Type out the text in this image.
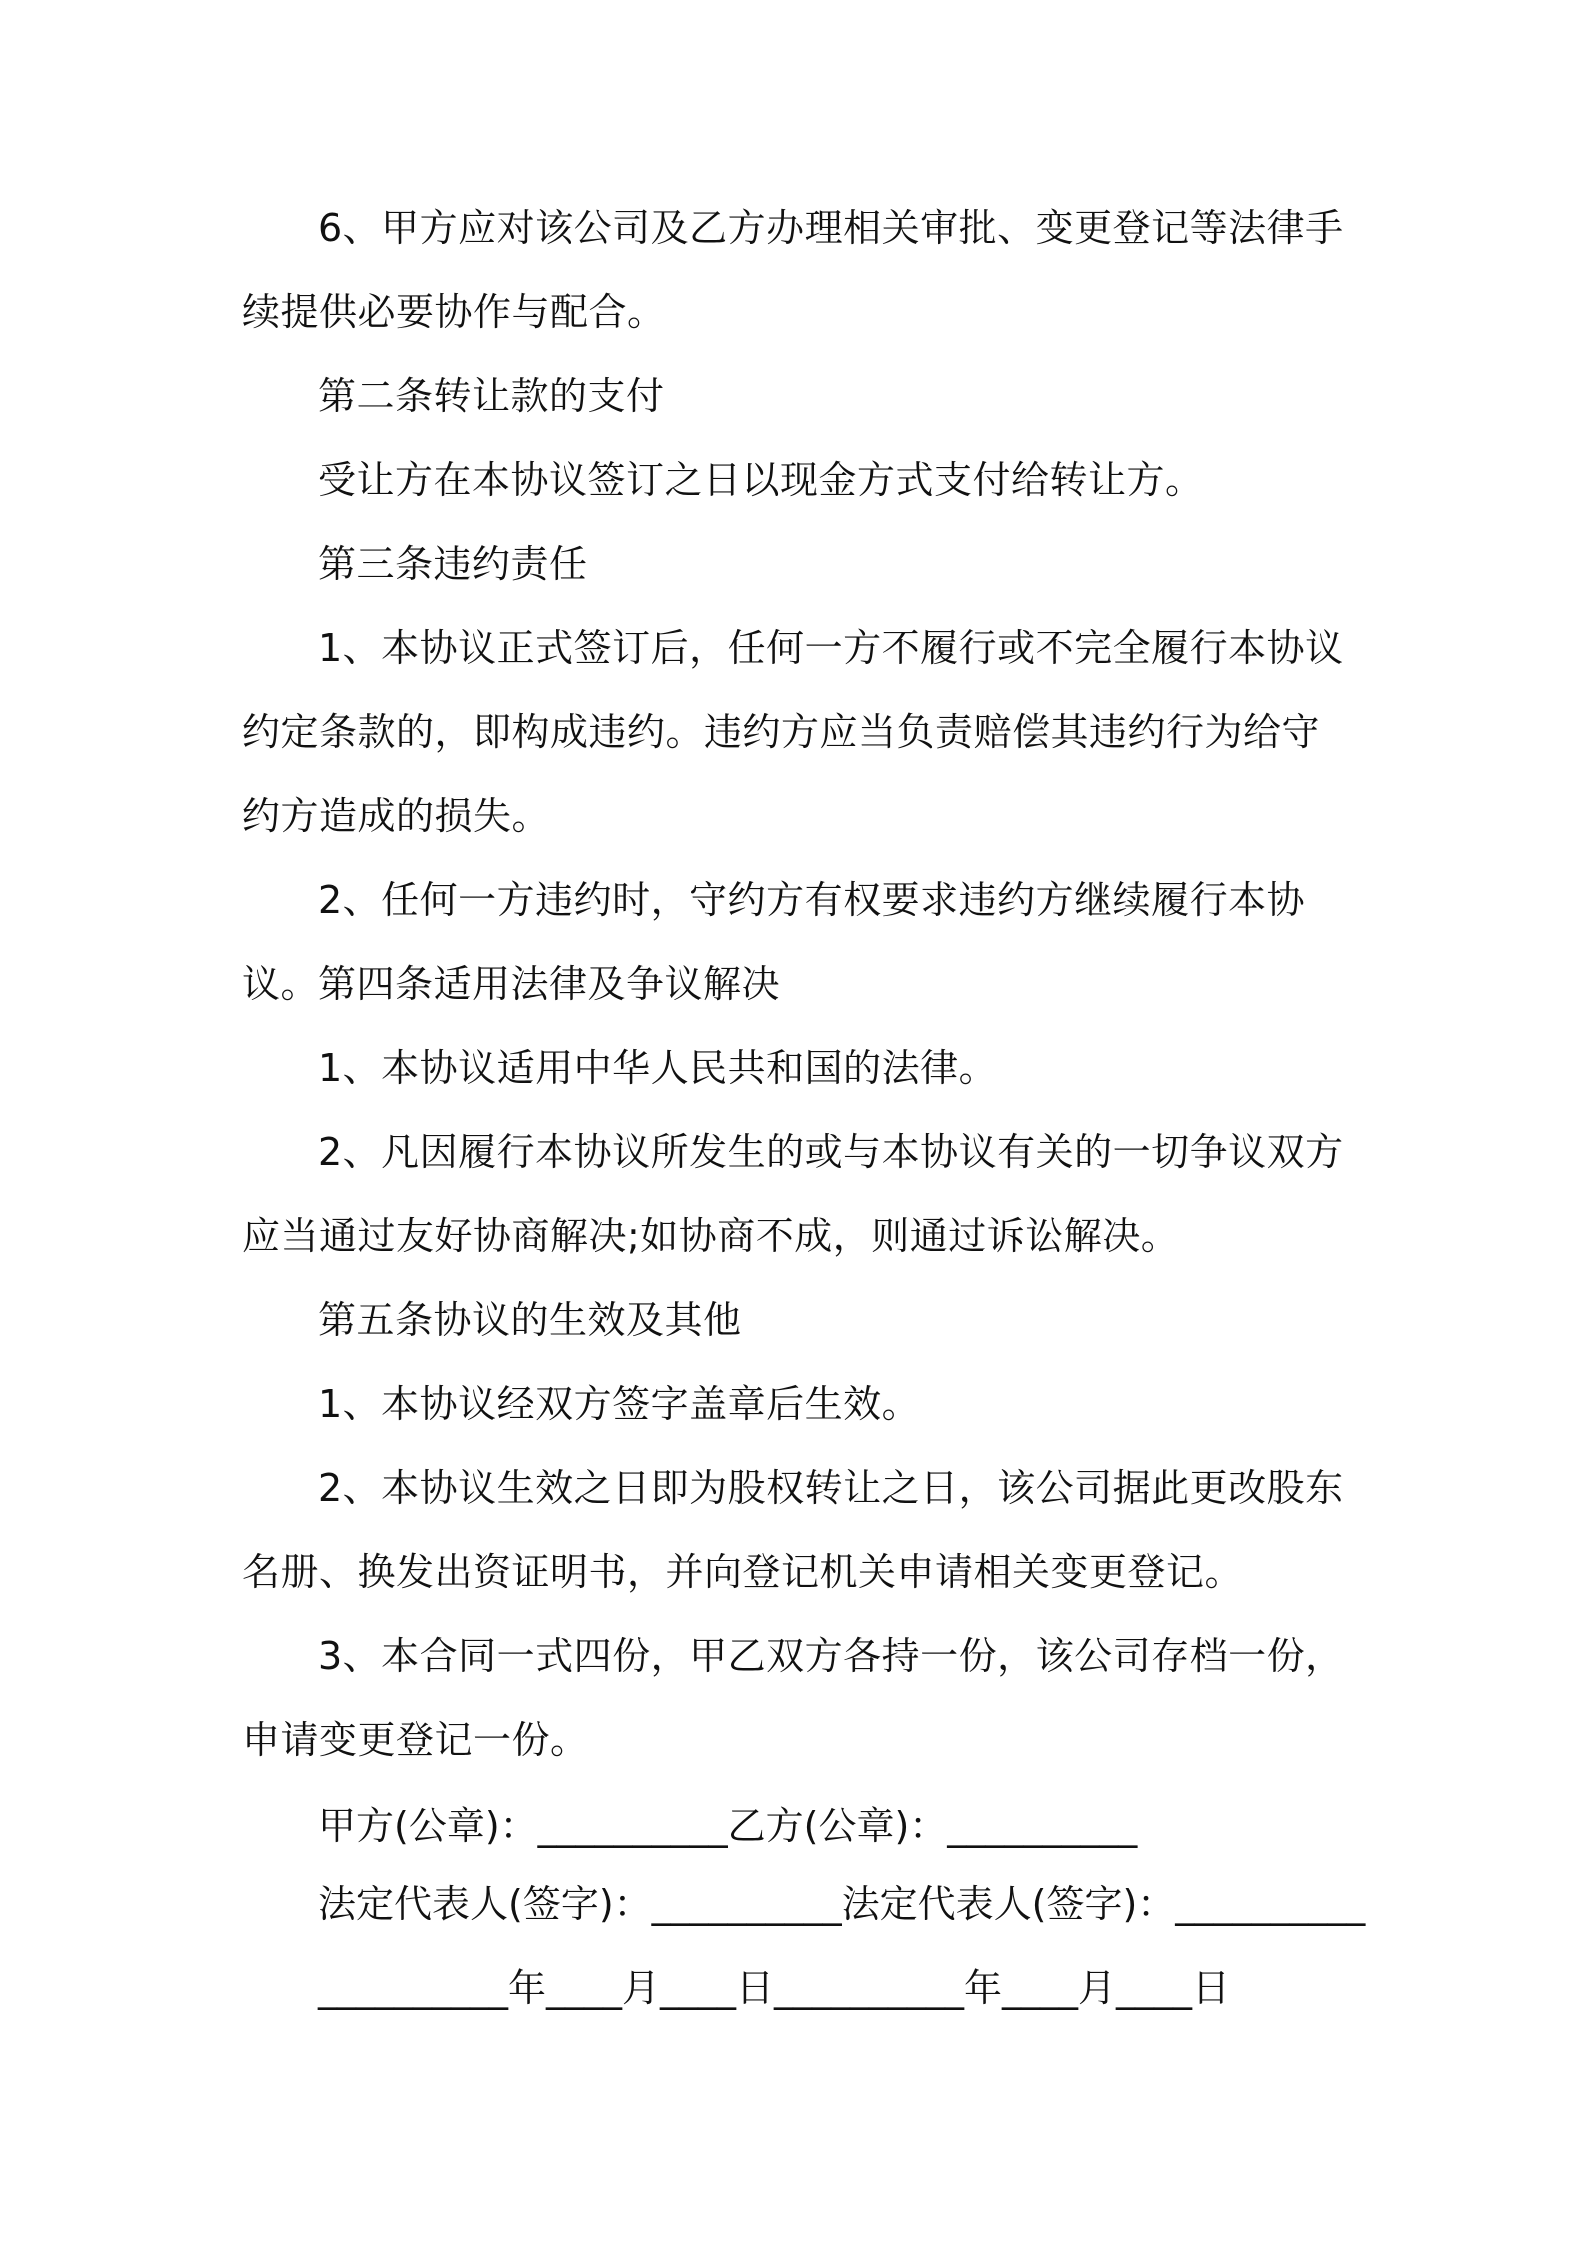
6、甲方应对该公司及乙方办理相关审批、变更登记等法律手续提供必要协作与配合。

第二条转让款的支付

受让方在本协议签订之日以现金方式支付给转让方。

第三条违约责任

1、本协议正式签订后，任何一方不履行或不完全履行本协议约定条款的，即构成违约。违约方应当负责赔偿其违约行为给守约方造成的损失。

2、任何一方违约时，守约方有权要求违约方继续履行本协议。

第四条适用法律及争议解决

1、本协议适用中华人民共和国的法律。

2、凡因履行本协议所发生的或与本协议有关的一切争议双方应当通过友好协商解决;如协商不成，则通过诉讼解决。

第五条协议的生效及其他

1、本协议经双方签字盖章后生效。

2、本协议生效之日即为股权转让之日，该公司据此更改股东名册、换发出资证明书，并向登记机关申请相关变更登记。

3、本合同一式四份，甲乙双方各持一份，该公司存档一份，申请变更登记一份。

甲方(公章)：__________乙方(公章)：__________

法定代表人(签字)：__________法定代表人(签字)：__________

__________年____月____日__________年____月____日
